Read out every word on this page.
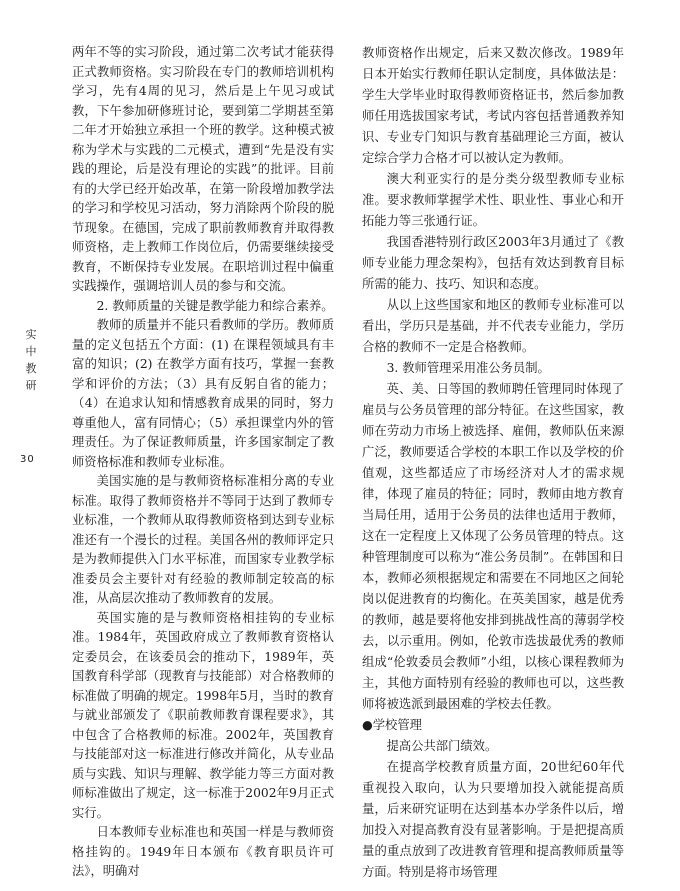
实中教研
30

两年不等的实习阶段，通过第二次考试才能获得正式教师资格。实习阶段在专门的教师培训机构学习，先有4周的见习，然后是上午见习或试教，下午参加研修班讨论，要到第二学期甚至第二年才开始独立承担一个班的教学。这种模式被称为学术与实践的二元模式，遭到“先是没有实践的理论，后是没有理论的实践”的批评。目前有的大学已经开始改革，在第一阶段增加教学法的学习和学校见习活动，努力消除两个阶段的脱节现象。在德国，完成了职前教师教育并取得教师资格，走上教师工作岗位后，仍需要继续接受教育，不断保持专业发展。在职培训过程中偏重实践操作，强调培训人员的参与和交流。

2. 教师质量的关键是教学能力和综合素养。

教师的质量并不能只看教师的学历。教师质量的定义包括五个方面：(1) 在课程领域具有丰富的知识；(2) 在教学方面有技巧，掌握一套教学和评价的方法；（3）具有反躬自省的能力；（4）在追求认知和情感教育成果的同时，努力尊重他人，富有同情心；（5）承担课堂内外的管理责任。为了保证教师质量，许多国家制定了教师资格标准和教师专业标准。

美国实施的是与教师资格标准相分离的专业标准。取得了教师资格并不等同于达到了教师专业标准，一个教师从取得教师资格到达到专业标准还有一个漫长的过程。美国各州的教师评定只是为教师提供入门水平标准，而国家专业教学标准委员会主要针对有经验的教师制定较高的标准，从高层次推动了教师教育的发展。

英国实施的是与教师资格相挂钩的专业标准。1984年，英国政府成立了教师教育资格认定委员会，在该委员会的推动下，1989年，英国教育科学部（现教育与技能部）对合格教师的标准做了明确的规定。1998年5月，当时的教育与就业部颁发了《职前教师教育课程要求》，其中包含了合格教师的标准。2002年，英国教育与技能部对这一标准进行修改并简化，从专业品质与实践、知识与理解、教学能力等三方面对教师标准做出了规定，这一标准于2002年9月正式实行。

日本教师专业标准也和英国一样是与教师资格挂钩的。1949年日本颁布《教育职员许可法》，明确对

教师资格作出规定，后来又数次修改。1989年日本开始实行教师任职认定制度，具体做法是：学生大学毕业时取得教师资格证书，然后参加教师任用选拔国家考试，考试内容包括普通教养知识、专业专门知识与教育基础理论三方面，被认定综合学力合格才可以被认定为教师。

澳大利亚实行的是分类分级型教师专业标准。要求教师掌握学术性、职业性、事业心和开拓能力等三张通行证。

我国香港特别行政区2003年3月通过了《教师专业能力理念架构》，包括有效达到教育目标所需的能力、技巧、知识和态度。

从以上这些国家和地区的教师专业标准可以看出，学历只是基础，并不代表专业能力，学历合格的教师不一定是合格教师。

3. 教师管理采用准公务员制。

英、美、日等国的教师聘任管理同时体现了雇员与公务员管理的部分特征。在这些国家，教师在劳动力市场上被选择、雇佣，教师队伍来源广泛，教师要适合学校的本职工作以及学校的价值观，这些都适应了市场经济对人才的需求规律，体现了雇员的特征；同时，教师由地方教育当局任用，适用于公务员的法律也适用于教师，这在一定程度上又体现了公务员管理的特点。这种管理制度可以称为“准公务员制”。在韩国和日本，教师必须根据规定和需要在不同地区之间轮岗以促进教育的均衡化。在英美国家，越是优秀的教师，越是要将他安排到挑战性高的薄弱学校去，以示重用。例如，伦敦市选拔最优秀的教师组成“伦敦委员会教师”小组，以核心课程教师为主，其他方面特别有经验的教师也可以，这些教师将被选派到最困难的学校去任教。

●学校管理

提高公共部门绩效。

在提高学校教育质量方面，20世纪60年代重视投入取向，认为只要增加投入就能提高质量，后来研究证明在达到基本办学条件以后，增加投入对提高教育没有显著影响。于是把提高质量的重点放到了改进教育管理和提高教师质量等方面。特别是将市场管理
